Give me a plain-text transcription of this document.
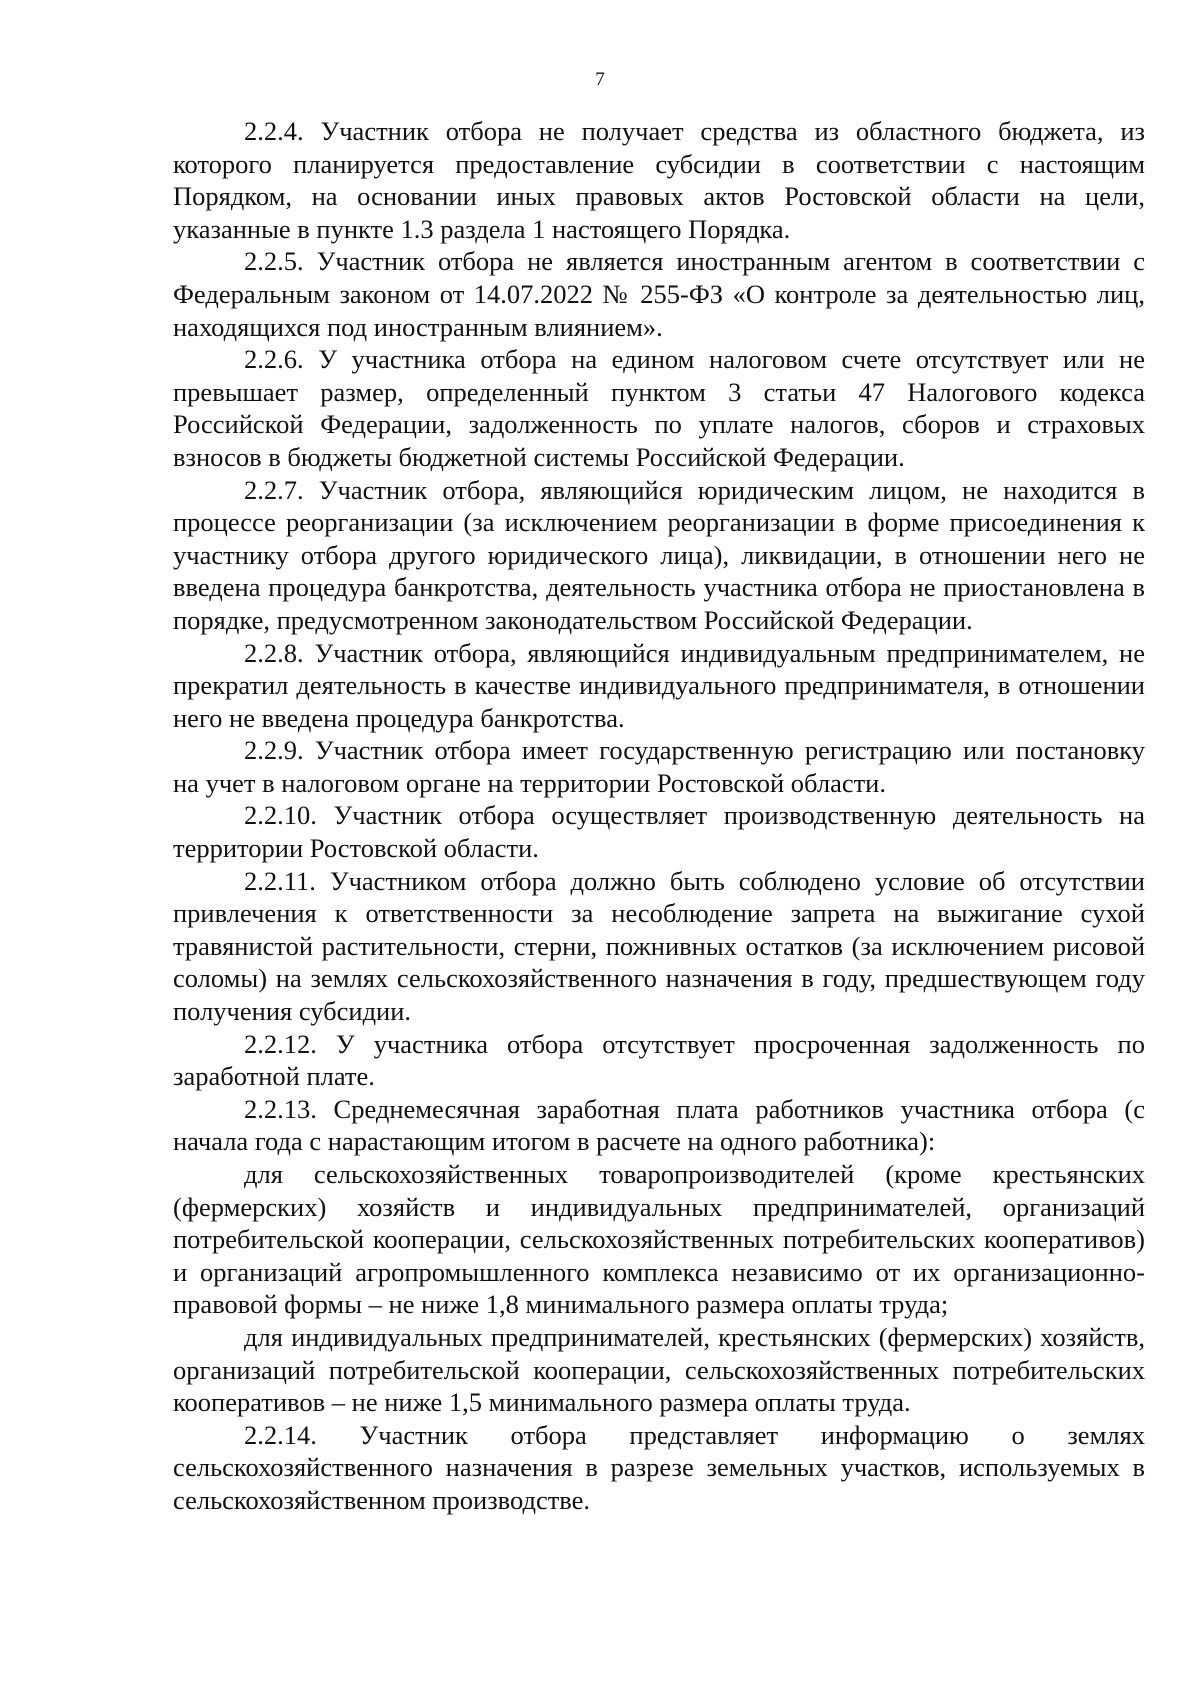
7

2.2.4. Участник отбора не получает средства из областного бюджета, из которого планируется предоставление субсидии в соответствии с настоящим Порядком, на основании иных правовых актов Ростовской области на цели, указанные в пункте 1.3 раздела 1 настоящего Порядка.

2.2.5. Участник отбора не является иностранным агентом в соответствии с Федеральным законом от 14.07.2022 № 255-ФЗ «О контроле за деятельностью лиц, находящихся под иностранным влиянием».

2.2.6. У участника отбора на едином налоговом счете отсутствует или не превышает размер, определенный пунктом 3 статьи 47 Налогового кодекса Российской Федерации, задолженность по уплате налогов, сборов и страховых взносов в бюджеты бюджетной системы Российской Федерации.

2.2.7. Участник отбора, являющийся юридическим лицом, не находится в процессе реорганизации (за исключением реорганизации в форме присоединения к участнику отбора другого юридического лица), ликвидации, в отношении него не введена процедура банкротства, деятельность участника отбора не приостановлена в порядке, предусмотренном законодательством Российской Федерации.

2.2.8. Участник отбора, являющийся индивидуальным предпринимателем, не прекратил деятельность в качестве индивидуального предпринимателя, в отношении него не введена процедура банкротства.

2.2.9. Участник отбора имеет государственную регистрацию или постановку на учет в налоговом органе на территории Ростовской области.

2.2.10. Участник отбора осуществляет производственную деятельность на территории Ростовской области.

2.2.11. Участником отбора должно быть соблюдено условие об отсутствии привлечения к ответственности за несоблюдение запрета на выжигание сухой травянистой растительности, стерни, пожнивных остатков (за исключением рисовой соломы) на землях сельскохозяйственного назначения в году, предшествующем году получения субсидии.

2.2.12. У участника отбора отсутствует просроченная задолженность по заработной плате.

2.2.13. Среднемесячная заработная плата работников участника отбора (с начала года с нарастающим итогом в расчете на одного работника):

для сельскохозяйственных товаропроизводителей (кроме крестьянских (фермерских) хозяйств и индивидуальных предпринимателей, организаций потребительской кооперации, сельскохозяйственных потребительских кооперативов) и организаций агропромышленного комплекса независимо от их организационно-правовой формы – не ниже 1,8 минимального размера оплаты труда;

для индивидуальных предпринимателей, крестьянских (фермерских) хозяйств, организаций потребительской кооперации, сельскохозяйственных потребительских кооперативов – не ниже 1,5 минимального размера оплаты труда.

2.2.14. Участник отбора представляет информацию о землях сельскохозяйственного назначения в разрезе земельных участков, используемых в сельскохозяйственном производстве.
